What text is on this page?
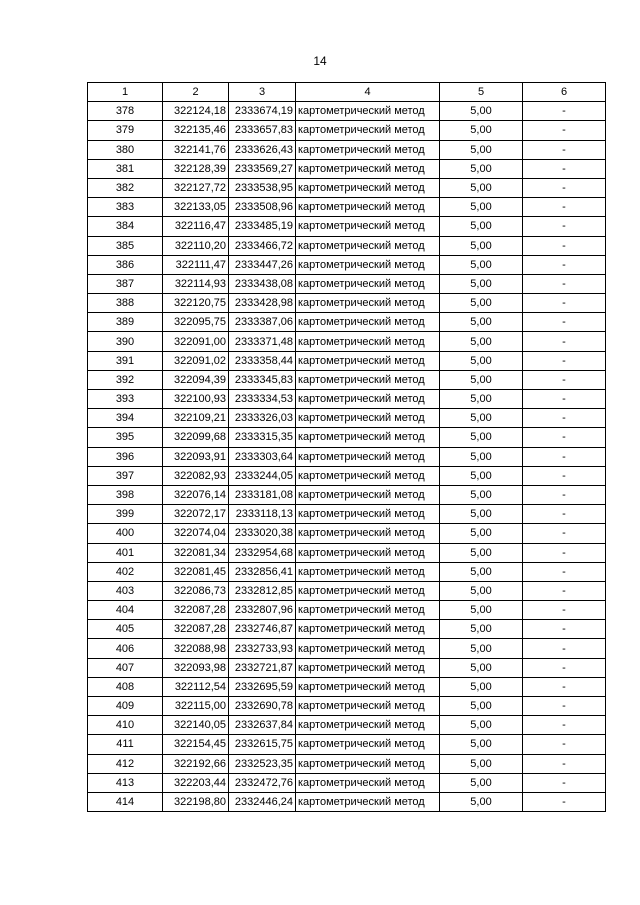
14
1	2	3	4	5	6
378	322124,18	2333674,19	картометрический метод	5,00	-
379	322135,46	2333657,83	картометрический метод	5,00	-
380	322141,76	2333626,43	картометрический метод	5,00	-
381	322128,39	2333569,27	картометрический метод	5,00	-
382	322127,72	2333538,95	картометрический метод	5,00	-
383	322133,05	2333508,96	картометрический метод	5,00	-
384	322116,47	2333485,19	картометрический метод	5,00	-
385	322110,20	2333466,72	картометрический метод	5,00	-
386	322111,47	2333447,26	картометрический метод	5,00	-
387	322114,93	2333438,08	картометрический метод	5,00	-
388	322120,75	2333428,98	картометрический метод	5,00	-
389	322095,75	2333387,06	картометрический метод	5,00	-
390	322091,00	2333371,48	картометрический метод	5,00	-
391	322091,02	2333358,44	картометрический метод	5,00	-
392	322094,39	2333345,83	картометрический метод	5,00	-
393	322100,93	2333334,53	картометрический метод	5,00	-
394	322109,21	2333326,03	картометрический метод	5,00	-
395	322099,68	2333315,35	картометрический метод	5,00	-
396	322093,91	2333303,64	картометрический метод	5,00	-
397	322082,93	2333244,05	картометрический метод	5,00	-
398	322076,14	2333181,08	картометрический метод	5,00	-
399	322072,17	2333118,13	картометрический метод	5,00	-
400	322074,04	2333020,38	картометрический метод	5,00	-
401	322081,34	2332954,68	картометрический метод	5,00	-
402	322081,45	2332856,41	картометрический метод	5,00	-
403	322086,73	2332812,85	картометрический метод	5,00	-
404	322087,28	2332807,96	картометрический метод	5,00	-
405	322087,28	2332746,87	картометрический метод	5,00	-
406	322088,98	2332733,93	картометрический метод	5,00	-
407	322093,98	2332721,87	картометрический метод	5,00	-
408	322112,54	2332695,59	картометрический метод	5,00	-
409	322115,00	2332690,78	картометрический метод	5,00	-
410	322140,05	2332637,84	картометрический метод	5,00	-
411	322154,45	2332615,75	картометрический метод	5,00	-
412	322192,66	2332523,35	картометрический метод	5,00	-
413	322203,44	2332472,76	картометрический метод	5,00	-
414	322198,80	2332446,24	картометрический метод	5,00	-
